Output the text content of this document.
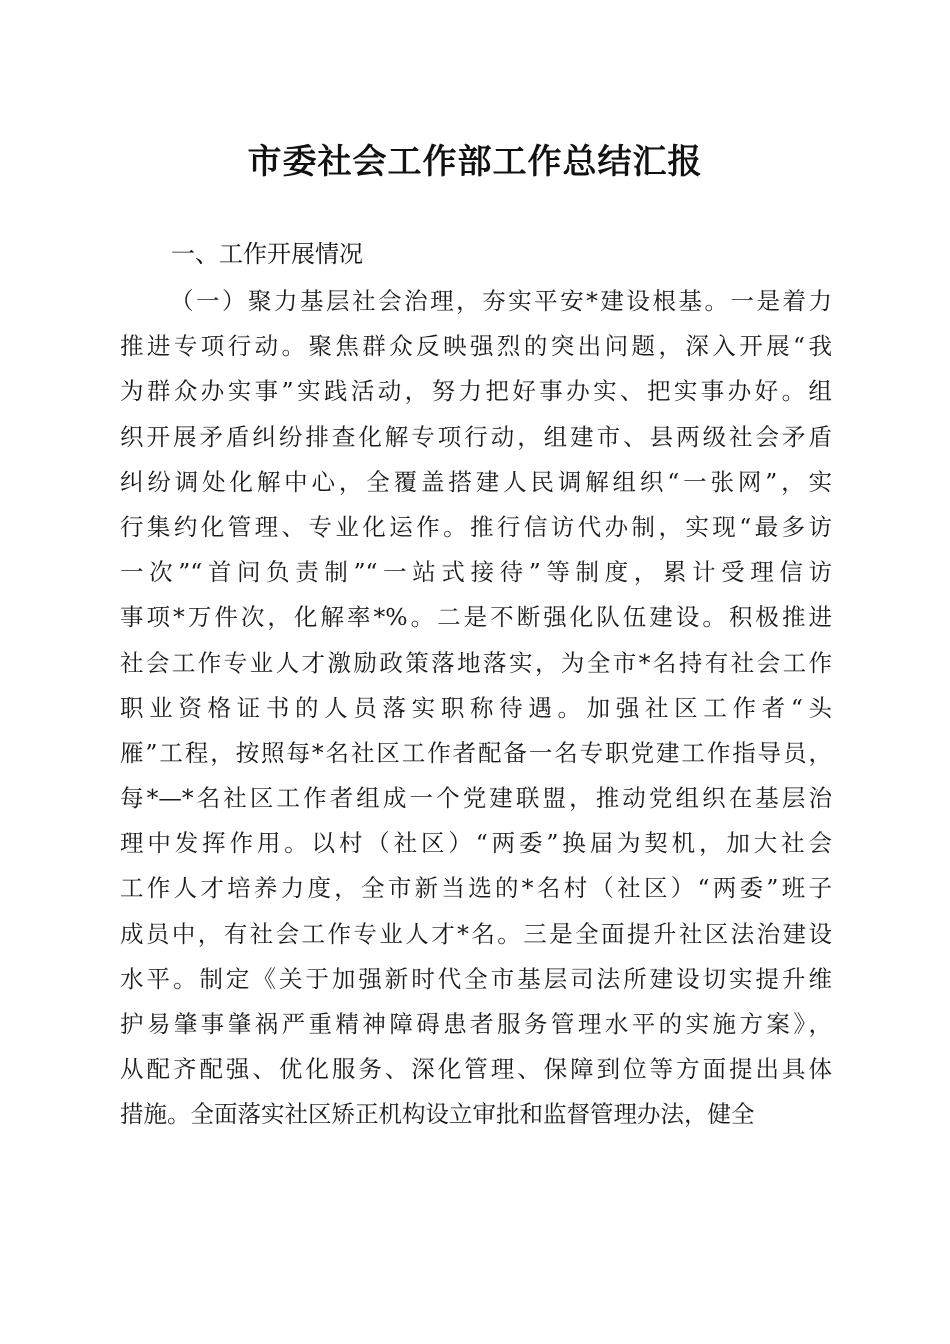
市委社会工作部工作总结汇报
一、工作开展情况
（一）聚力基层社会治理，夯实平安*建设根基。一是着力
推进专项行动。聚焦群众反映强烈的突出问题，深入开展“我
为群众办实事”实践活动，努力把好事办实、把实事办好。组
织开展矛盾纠纷排查化解专项行动，组建市、县两级社会矛盾
纠纷调处化解中心，全覆盖搭建人民调解组织“一张网”，实
行集约化管理、专业化运作。推行信访代办制，实现“最多访
一次”“首问负责制”“一站式接待”等制度，累计受理信访
事项*万件次，化解率*%。二是不断强化队伍建设。积极推进
社会工作专业人才激励政策落地落实，为全市*名持有社会工作
职业资格证书的人员落实职称待遇。加强社区工作者“头
雁”工程，按照每*名社区工作者配备一名专职党建工作指导员，
每*—*名社区工作者组成一个党建联盟，推动党组织在基层治
理中发挥作用。以村（社区）“两委”换届为契机，加大社会
工作人才培养力度，全市新当选的*名村（社区）“两委”班子
成员中，有社会工作专业人才*名。三是全面提升社区法治建设
水平。制定《关于加强新时代全市基层司法所建设切实提升维
护易肇事肇祸严重精神障碍患者服务管理水平的实施方案》，
从配齐配强、优化服务、深化管理、保障到位等方面提出具体
措施。全面落实社区矫正机构设立审批和监督管理办法，健全
